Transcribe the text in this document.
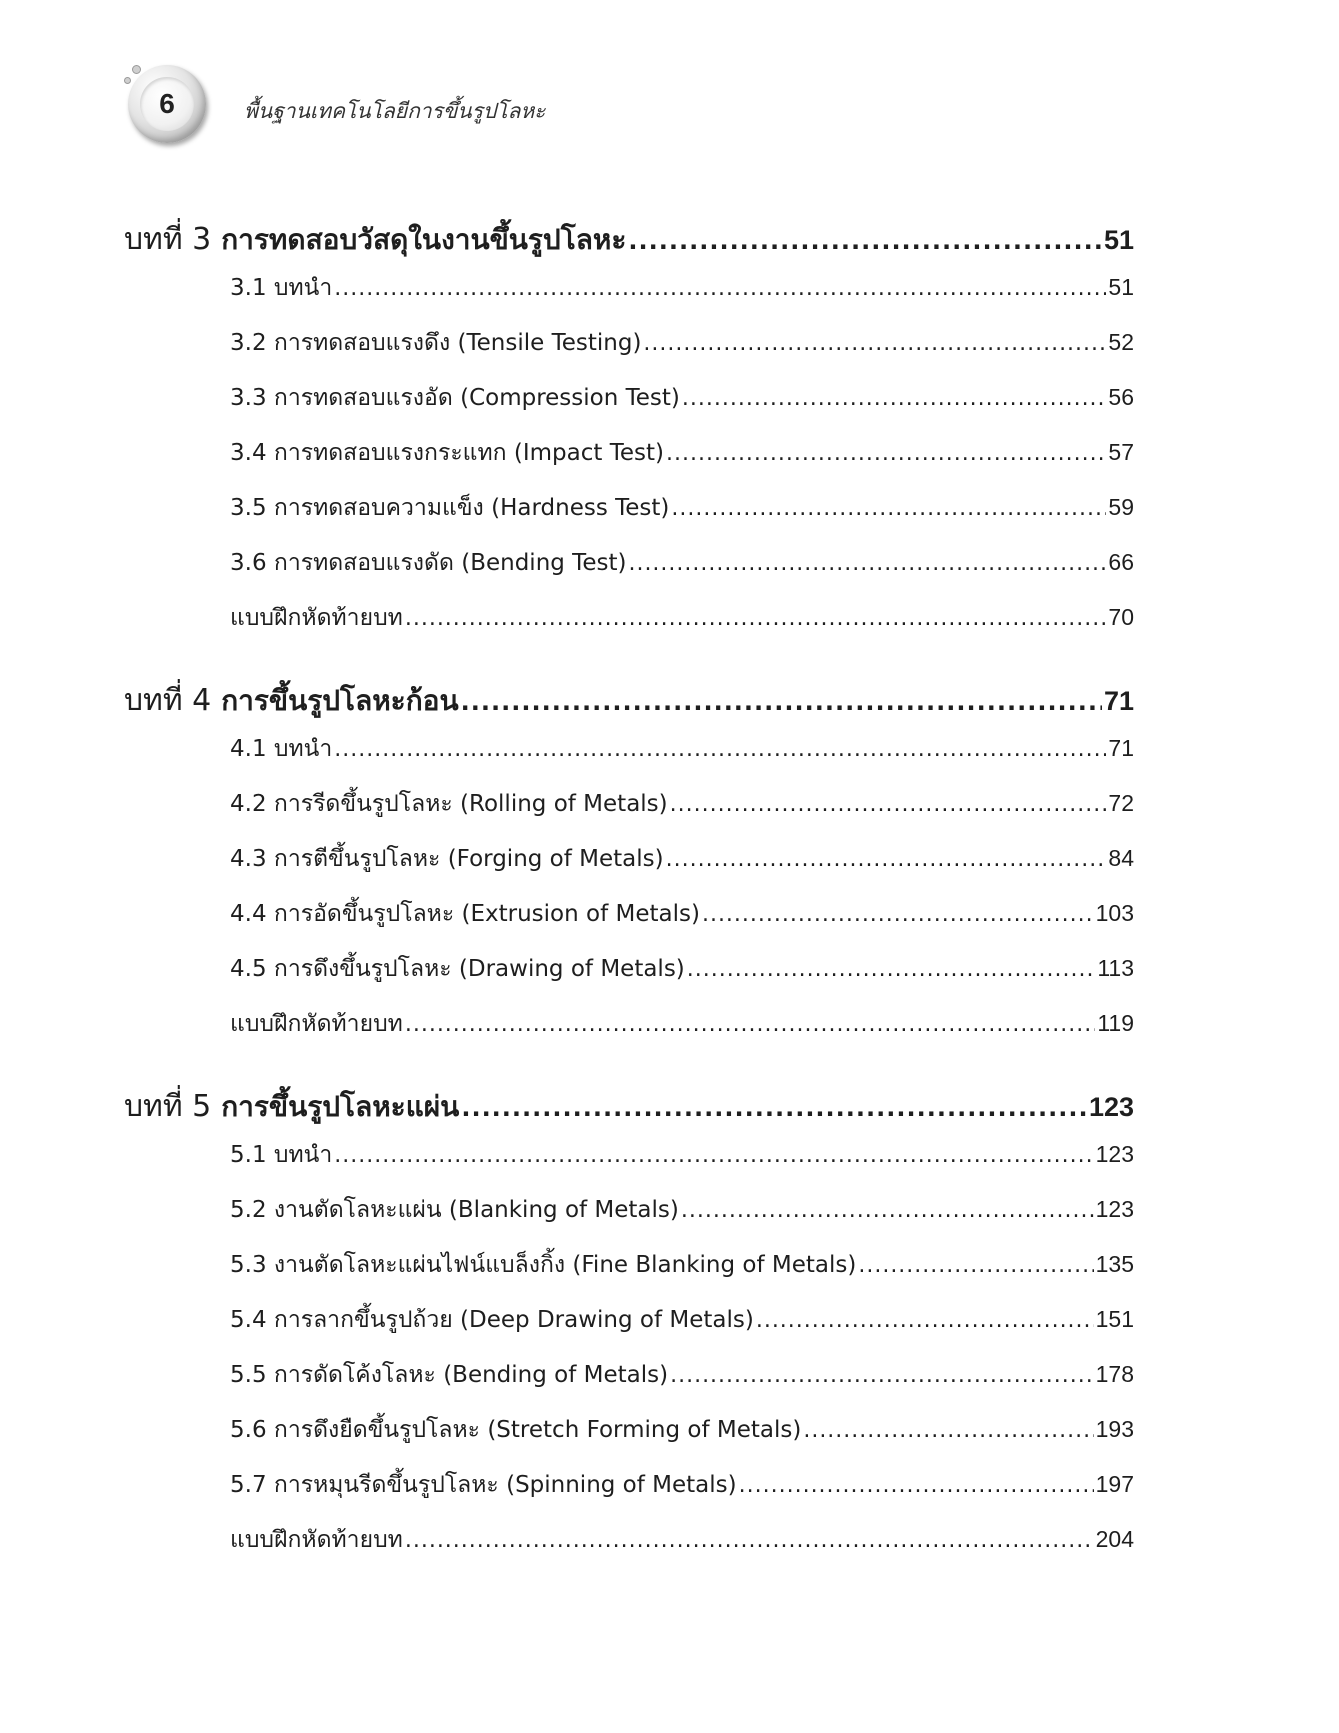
6	พื้นฐานเทคโนโลยีการขึ้นรูปโลหะ
บทที่ 3 การทดสอบวัสดุในงานขึ้นรูปโลหะ .....	51
3.1 บทนำ .....	51
3.2 การทดสอบแรงดึง (Tensile Testing) .....	52
3.3 การทดสอบแรงอัด (Compression Test) .....	56
3.4 การทดสอบแรงกระแทก (Impact Test) .....	57
3.5 การทดสอบความแข็ง (Hardness Test) .....	59
3.6 การทดสอบแรงดัด (Bending Test) .....	66
แบบฝึกหัดท้ายบท .....	70
บทที่ 4 การขึ้นรูปโลหะก้อน .....	71
4.1 บทนำ .....	71
4.2 การรีดขึ้นรูปโลหะ (Rolling of Metals) .....	72
4.3 การตีขึ้นรูปโลหะ (Forging of Metals) .....	84
4.4 การอัดขึ้นรูปโลหะ (Extrusion of Metals) .....	103
4.5 การดึงขึ้นรูปโลหะ (Drawing of Metals) .....	113
แบบฝึกหัดท้ายบท .....	119
บทที่ 5 การขึ้นรูปโลหะแผ่น .....	123
5.1 บทนำ .....	123
5.2 งานตัดโลหะแผ่น (Blanking of Metals) .....	123
5.3 งานตัดโลหะแผ่นไฟน์แบล็งกิ้ง (Fine Blanking of Metals) .....	135
5.4 การลากขึ้นรูปถ้วย (Deep Drawing of Metals) .....	151
5.5 การดัดโค้งโลหะ (Bending of Metals) .....	178
5.6 การดึงยืดขึ้นรูปโลหะ (Stretch Forming of Metals) .....	193
5.7 การหมุนรีดขึ้นรูปโลหะ (Spinning of Metals) .....	197
แบบฝึกหัดท้ายบท .....	204
